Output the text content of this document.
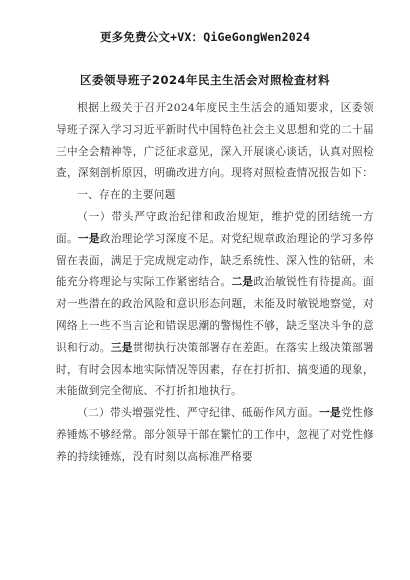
更多免费公文+VX：QiGeGongWen2024
区委领导班子2024年民主生活会对照检查材料

根据上级关于召开2024年度民主生活会的通知要求，区委领导班子深入学习习近平新时代中国特色社会主义思想和党的二十届三中全会精神等，广泛征求意见，深入开展谈心谈话，认真对照检查，深刻剖析原因，明确改进方向。现将对照检查情况报告如下：

一、存在的主要问题

（一）带头严守政治纪律和政治规矩，维护党的团结统一方面。一是政治理论学习深度不足。对党纪规章政治理论的学习多停留在表面，满足于完成规定动作，缺乏系统性、深入性的钻研，未能充分将理论与实际工作紧密结合。二是政治敏锐性有待提高。面对一些潜在的政治风险和意识形态问题，未能及时敏锐地察觉，对网络上一些不当言论和错误思潮的警惕性不够，缺乏坚决斗争的意识和行动。三是贯彻执行决策部署存在差距。在落实上级决策部署时，有时会因本地实际情况等因素，存在打折扣、搞变通的现象，未能做到完全彻底、不打折扣地执行。

（二）带头增强党性、严守纪律、砥砺作风方面。一是党性修养锤炼不够经常。部分领导干部在繁忙的工作中，忽视了对党性修养的持续锤炼，没有时刻以高标准严格要
